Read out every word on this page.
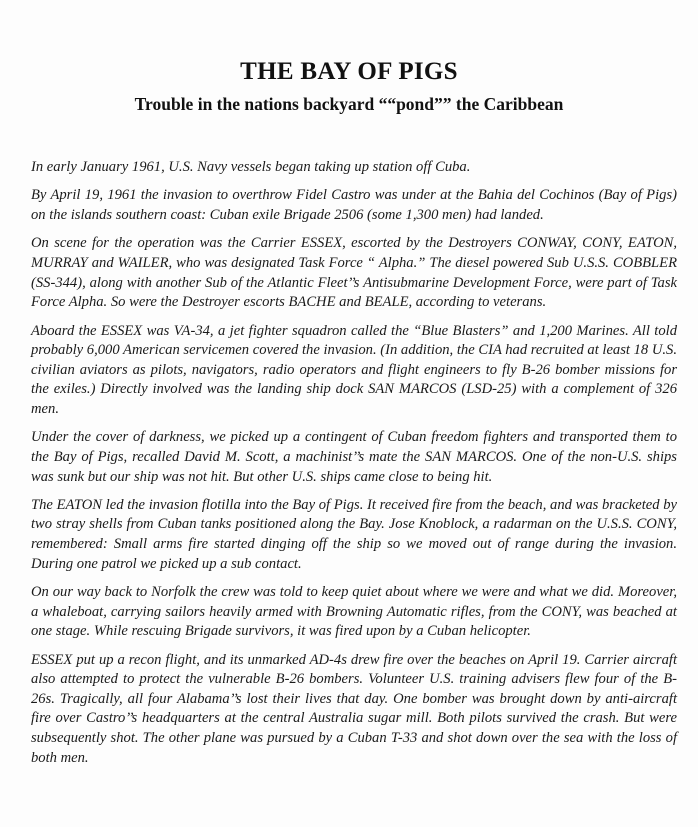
THE BAY OF PIGS
Trouble in the nations backyard ““pond”” the Caribbean

In early January 1961, U.S. Navy vessels began taking up station off Cuba.

By April 19, 1961 the invasion to overthrow Fidel Castro was under at the Bahia del Cochinos (Bay of Pigs) on the islands southern coast: Cuban exile Brigade 2506 (some 1,300 men) had landed.

On scene for the operation was the Carrier ESSEX, escorted by the Destroyers CONWAY, CONY, EATON, MURRAY and WAILER, who was designated Task Force “ Alpha.” The diesel powered Sub U.S.S. COBBLER (SS-344), along with another Sub of the Atlantic Fleet’’s Antisubmarine Development Force, were part of Task Force Alpha. So were the Destroyer escorts BACHE and BEALE, according to veterans.

Aboard the ESSEX was VA-34, a jet fighter squadron called the “Blue Blasters” and 1,200 Marines. All told probably 6,000 American servicemen covered the invasion. (In addition, the CIA had recruited at least 18 U.S. civilian aviators as pilots, navigators, radio operators and flight engineers to fly B-26 bomber missions for the exiles.) Directly involved was the landing ship dock SAN MARCOS (LSD-25) with a complement of 326 men.

Under the cover of darkness, we picked up a contingent of Cuban freedom fighters and transported them to the Bay of Pigs, recalled David M. Scott, a machinist’’s mate the SAN MARCOS. One of the non-U.S. ships was sunk but our ship was not hit. But other U.S. ships came close to being hit.

The EATON led the invasion flotilla into the Bay of Pigs. It received fire from the beach, and was bracketed by two stray shells from Cuban tanks positioned along the Bay. Jose Knoblock, a radarman on the U.S.S. CONY, remembered: Small arms fire started dinging off the ship so we moved out of range during the invasion. During one patrol we picked up a sub contact.

On our way back to Norfolk the crew was told to keep quiet about where we were and what we did. Moreover, a whaleboat, carrying sailors heavily armed with Browning Automatic rifles, from the CONY, was beached at one stage. While rescuing Brigade survivors, it was fired upon by a Cuban helicopter.

ESSEX put up a recon flight, and its unmarked AD-4s drew fire over the beaches on April 19. Carrier aircraft also attempted to protect the vulnerable B-26 bombers. Volunteer U.S. training advisers flew four of the B-26s. Tragically, all four Alabama’’s lost their lives that day. One bomber was brought down by anti-aircraft fire over Castro’’s headquarters at the central Australia sugar mill. Both pilots survived the crash. But were subsequently shot. The other plane was pursued by a Cuban T-33 and shot down over the sea with the loss of both men.
